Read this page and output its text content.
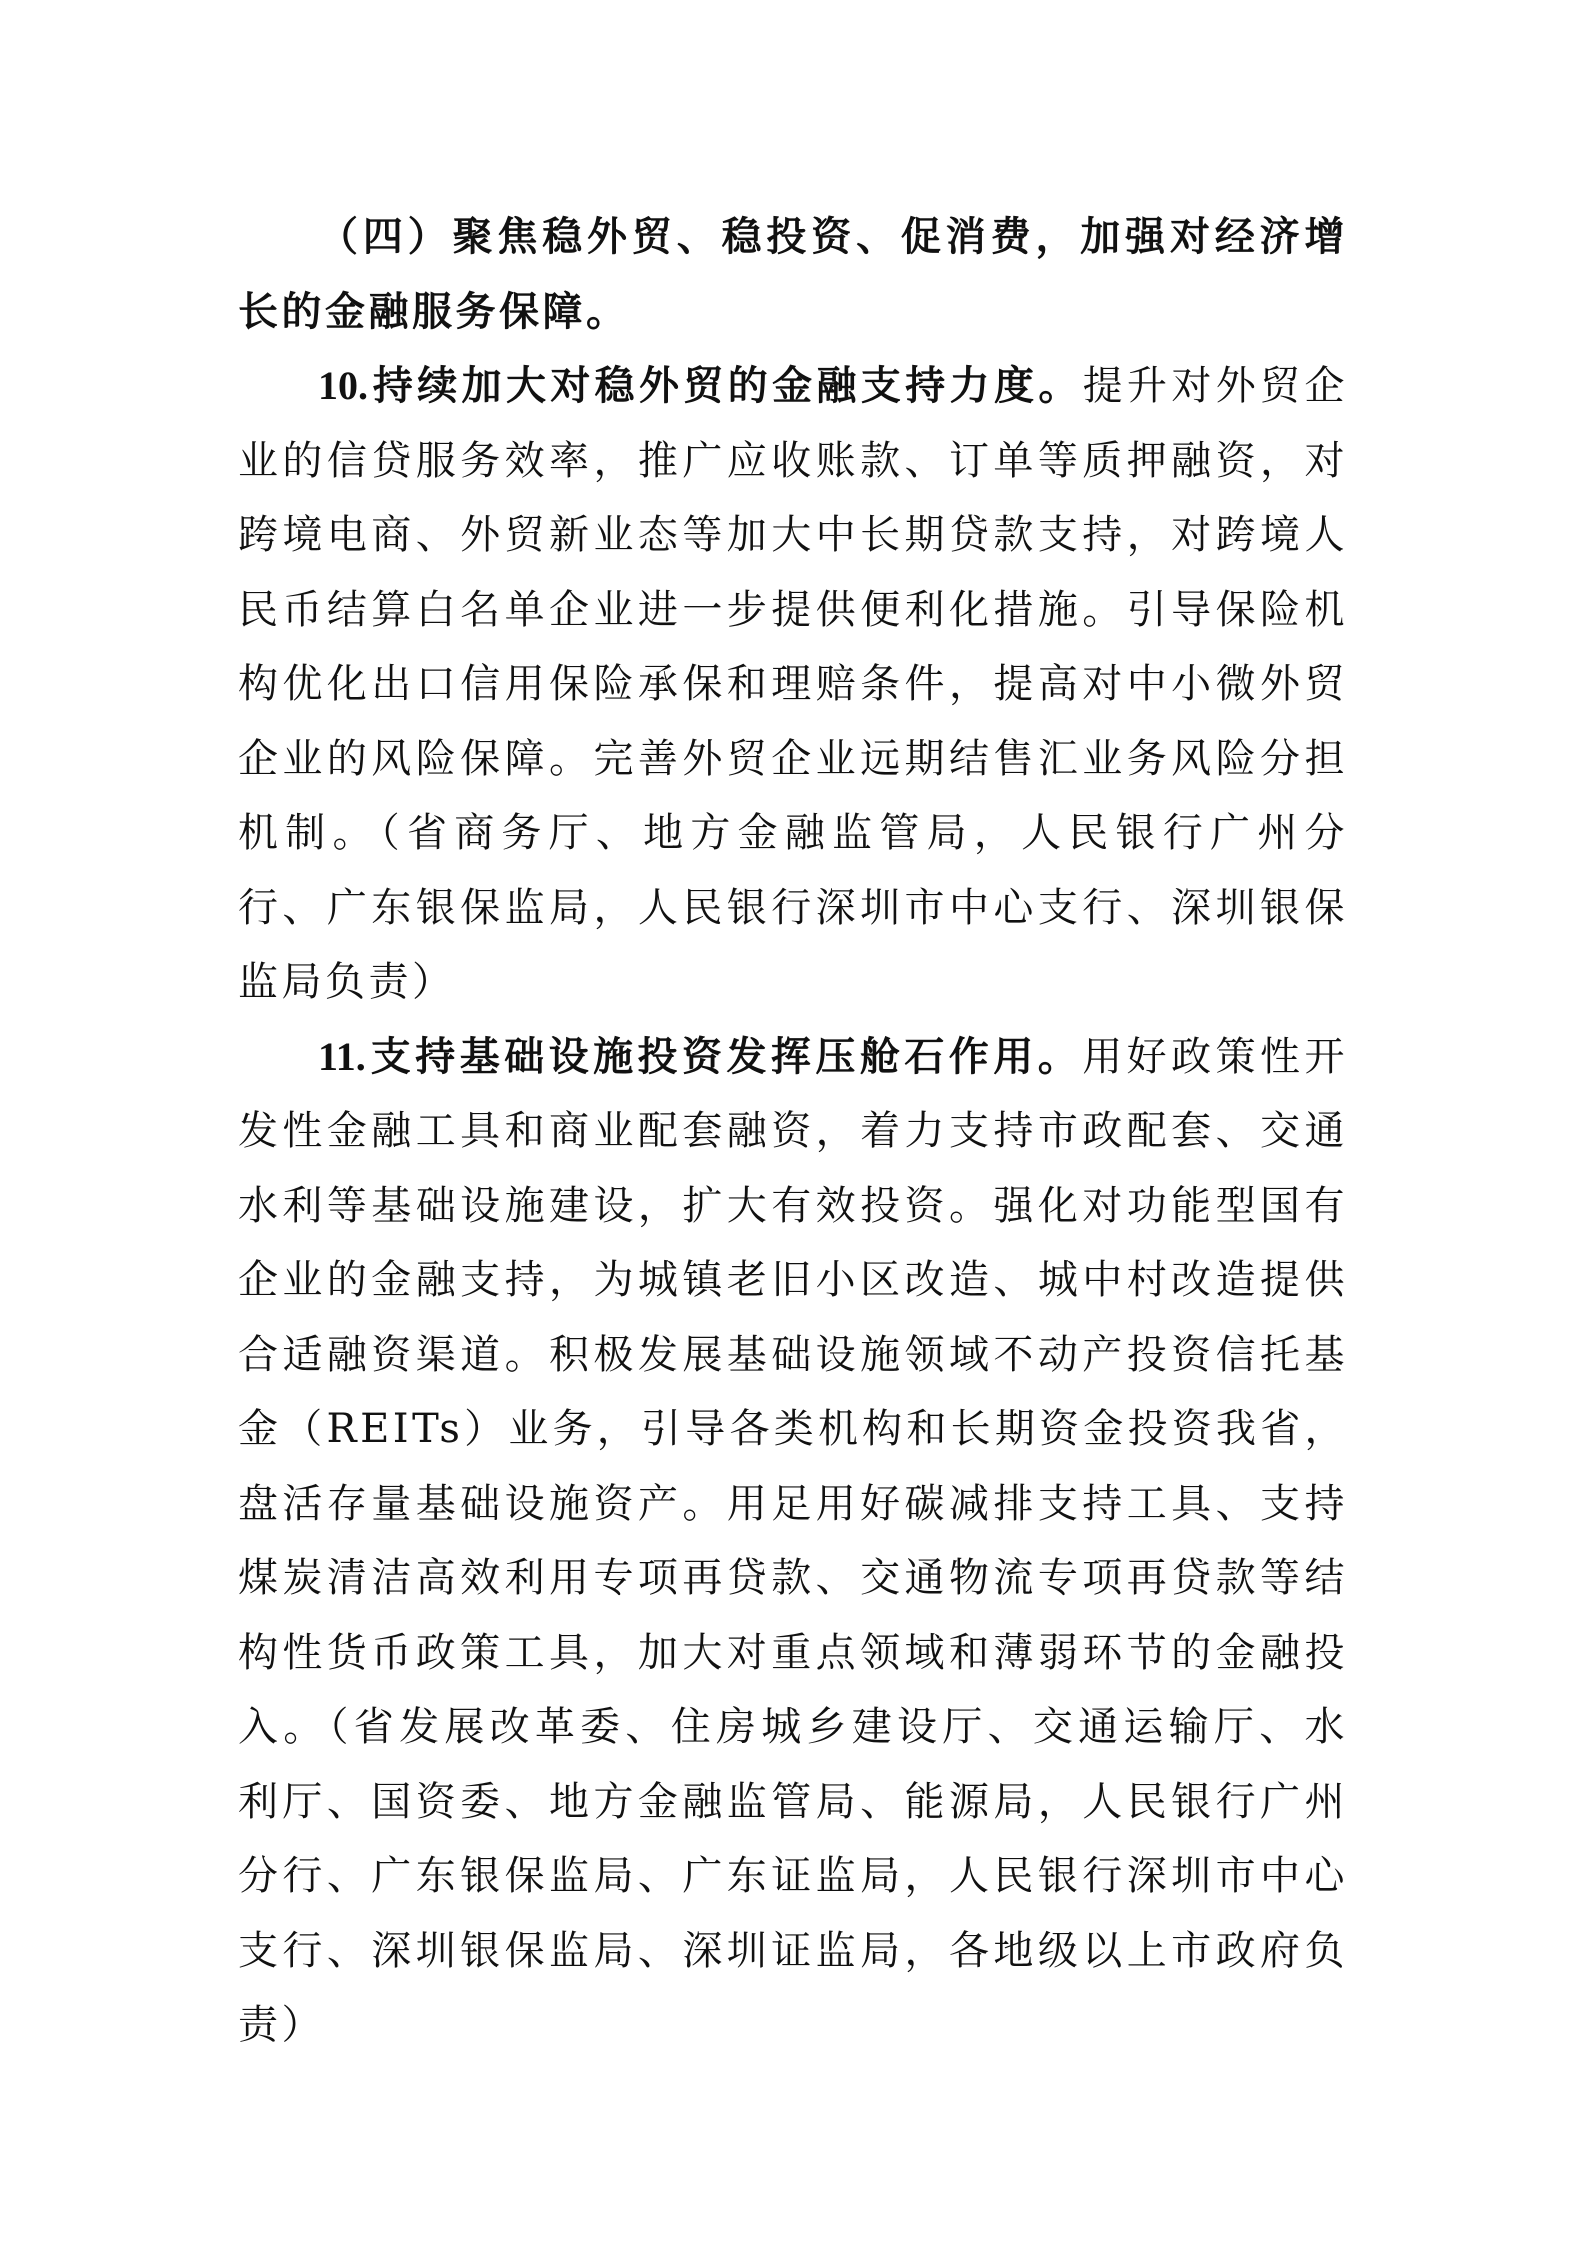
（四）聚焦稳外贸、稳投资、促消费，加强对经济增长的金融服务保障。

10. 持续加大对稳外贸的金融支持力度。提升对外贸企业的信贷服务效率，推广应收账款、订单等质押融资，对跨境电商、外贸新业态等加大中长期贷款支持，对跨境人民币结算白名单企业进一步提供便利化措施。引导保险机构优化出口信用保险承保和理赔条件，提高对中小微外贸企业的风险保障。完善外贸企业远期结售汇业务风险分担机制。（省商务厅、地方金融监管局，人民银行广州分行、广东银保监局，人民银行深圳市中心支行、深圳银保监局负责）

11. 支持基础设施投资发挥压舱石作用。用好政策性开发性金融工具和商业配套融资，着力支持市政配套、交通水利等基础设施建设，扩大有效投资。强化对功能型国有企业的金融支持，为城镇老旧小区改造、城中村改造提供合适融资渠道。积极发展基础设施领域不动产投资信托基金（REITs）业务，引导各类机构和长期资金投资我省，盘活存量基础设施资产。用足用好碳减排支持工具、支持煤炭清洁高效利用专项再贷款、交通物流专项再贷款等结构性货币政策工具，加大对重点领域和薄弱环节的金融投入。（省发展改革委、住房城乡建设厅、交通运输厅、水利厅、国资委、地方金融监管局、能源局，人民银行广州分行、广东银保监局、广东证监局，人民银行深圳市中心支行、深圳银保监局、深圳证监局，各地级以上市政府负责）
